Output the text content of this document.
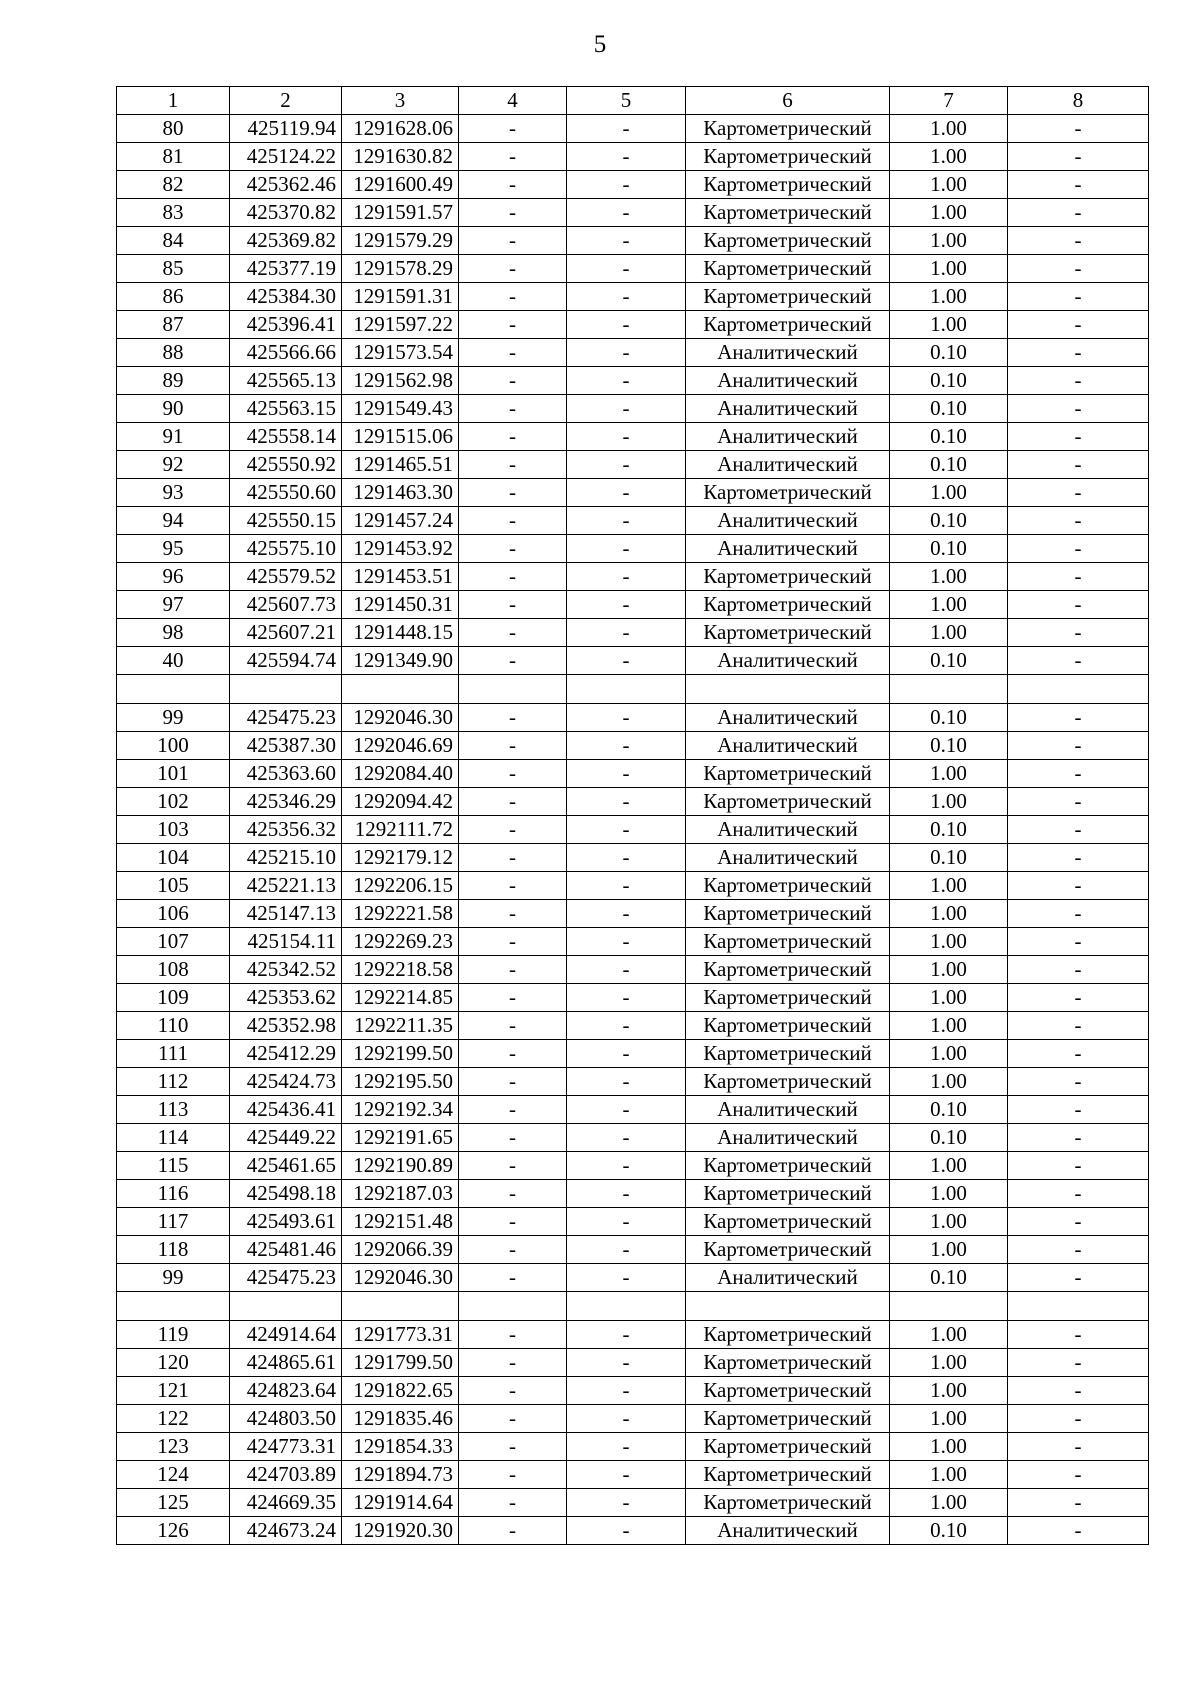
5
1	2	3	4	5	6	7	8
80	425119.94	1291628.06	-	-	Картометрический	1.00	-
81	425124.22	1291630.82	-	-	Картометрический	1.00	-
82	425362.46	1291600.49	-	-	Картометрический	1.00	-
83	425370.82	1291591.57	-	-	Картометрический	1.00	-
84	425369.82	1291579.29	-	-	Картометрический	1.00	-
85	425377.19	1291578.29	-	-	Картометрический	1.00	-
86	425384.30	1291591.31	-	-	Картометрический	1.00	-
87	425396.41	1291597.22	-	-	Картометрический	1.00	-
88	425566.66	1291573.54	-	-	Аналитический	0.10	-
89	425565.13	1291562.98	-	-	Аналитический	0.10	-
90	425563.15	1291549.43	-	-	Аналитический	0.10	-
91	425558.14	1291515.06	-	-	Аналитический	0.10	-
92	425550.92	1291465.51	-	-	Аналитический	0.10	-
93	425550.60	1291463.30	-	-	Картометрический	1.00	-
94	425550.15	1291457.24	-	-	Аналитический	0.10	-
95	425575.10	1291453.92	-	-	Аналитический	0.10	-
96	425579.52	1291453.51	-	-	Картометрический	1.00	-
97	425607.73	1291450.31	-	-	Картометрический	1.00	-
98	425607.21	1291448.15	-	-	Картометрический	1.00	-
40	425594.74	1291349.90	-	-	Аналитический	0.10	-

99	425475.23	1292046.30	-	-	Аналитический	0.10	-
100	425387.30	1292046.69	-	-	Аналитический	0.10	-
101	425363.60	1292084.40	-	-	Картометрический	1.00	-
102	425346.29	1292094.42	-	-	Картометрический	1.00	-
103	425356.32	1292111.72	-	-	Аналитический	0.10	-
104	425215.10	1292179.12	-	-	Аналитический	0.10	-
105	425221.13	1292206.15	-	-	Картометрический	1.00	-
106	425147.13	1292221.58	-	-	Картометрический	1.00	-
107	425154.11	1292269.23	-	-	Картометрический	1.00	-
108	425342.52	1292218.58	-	-	Картометрический	1.00	-
109	425353.62	1292214.85	-	-	Картометрический	1.00	-
110	425352.98	1292211.35	-	-	Картометрический	1.00	-
111	425412.29	1292199.50	-	-	Картометрический	1.00	-
112	425424.73	1292195.50	-	-	Картометрический	1.00	-
113	425436.41	1292192.34	-	-	Аналитический	0.10	-
114	425449.22	1292191.65	-	-	Аналитический	0.10	-
115	425461.65	1292190.89	-	-	Картометрический	1.00	-
116	425498.18	1292187.03	-	-	Картометрический	1.00	-
117	425493.61	1292151.48	-	-	Картометрический	1.00	-
118	425481.46	1292066.39	-	-	Картометрический	1.00	-
99	425475.23	1292046.30	-	-	Аналитический	0.10	-

119	424914.64	1291773.31	-	-	Картометрический	1.00	-
120	424865.61	1291799.50	-	-	Картометрический	1.00	-
121	424823.64	1291822.65	-	-	Картометрический	1.00	-
122	424803.50	1291835.46	-	-	Картометрический	1.00	-
123	424773.31	1291854.33	-	-	Картометрический	1.00	-
124	424703.89	1291894.73	-	-	Картометрический	1.00	-
125	424669.35	1291914.64	-	-	Картометрический	1.00	-
126	424673.24	1291920.30	-	-	Аналитический	0.10	-
